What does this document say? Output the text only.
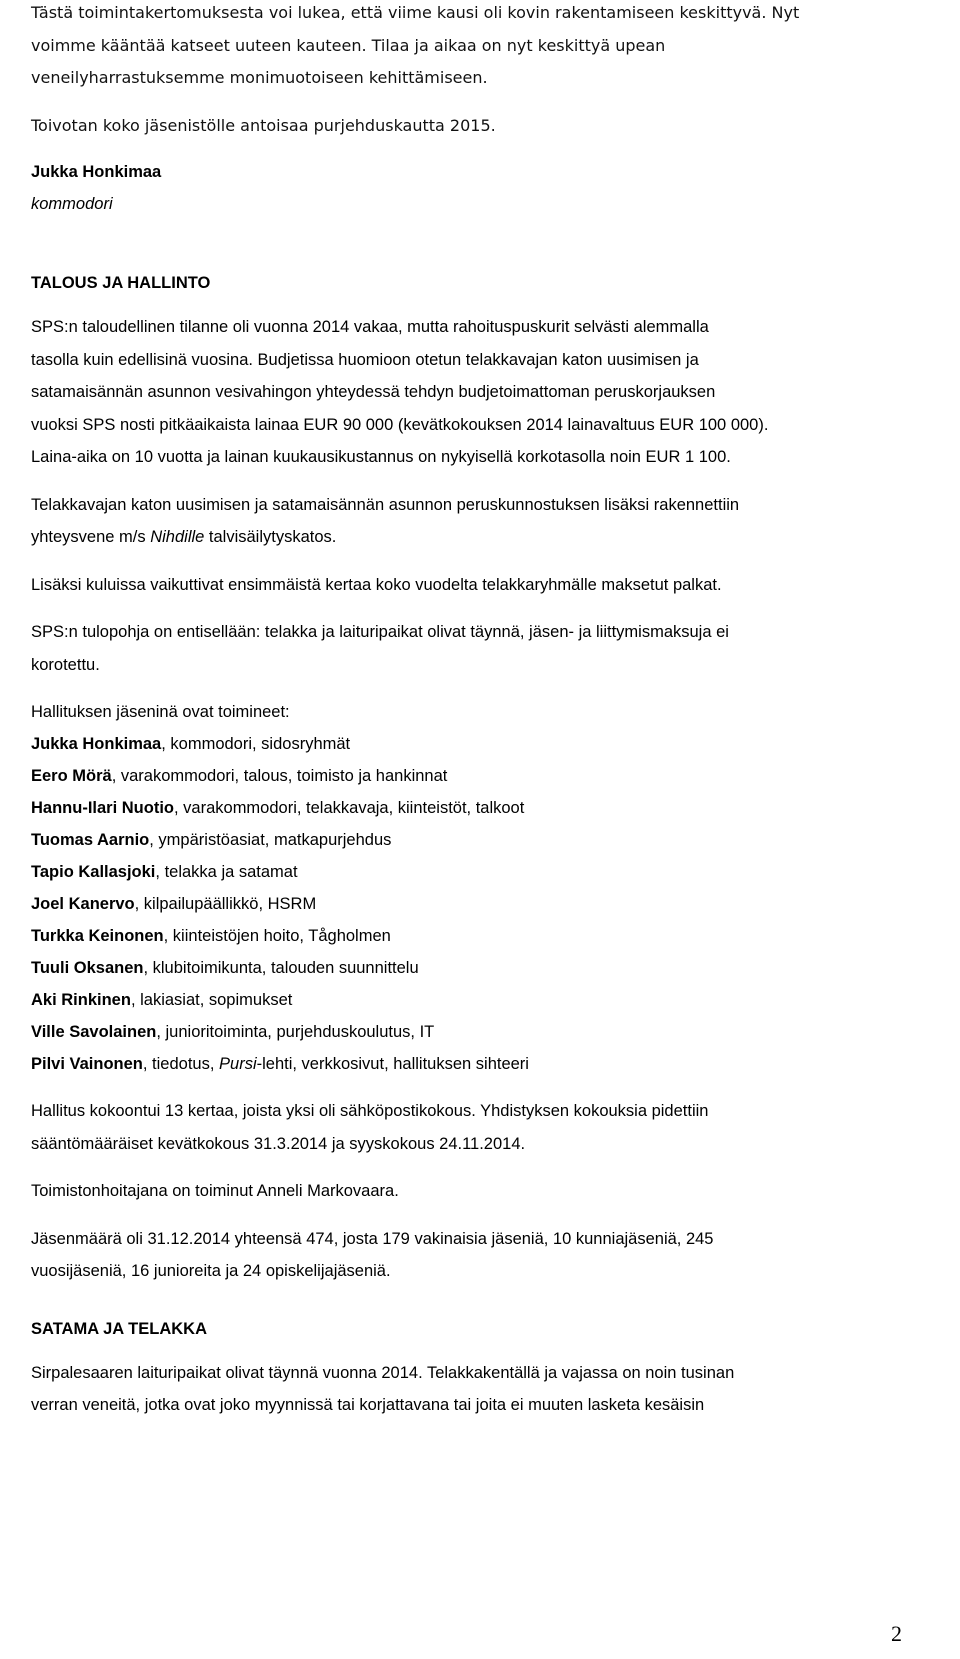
Tästä toimintakertomuksesta voi lukea, että viime kausi oli kovin rakentamiseen keskittyvä. Nyt

voimme kääntää katseet uuteen kauteen. Tilaa ja aikaa on nyt keskittyä upean

veneilyharrastuksemme monimuotoiseen kehittämiseen.

Toivotan koko jäsenistölle antoisaa purjehduskautta 2015.

Jukka Honkimaa
kommodori
TALOUS JA HALLINTO

SPS:n taloudellinen tilanne oli vuonna 2014 vakaa, mutta rahoituspuskurit selvästi alemmalla
tasolla kuin edellisinä vuosina. Budjetissa huomioon otetun telakkavajan katon uusimisen ja
satamaisännän asunnon vesivahingon yhteydessä tehdyn budjetoimattoman peruskorjauksen
vuoksi SPS nosti pitkäaikaista lainaa EUR 90 000 (kevätkokouksen 2014 lainavaltuus EUR 100 000).
Laina-aika on 10 vuotta ja lainan kuukausikustannus on nykyisellä korkotasolla noin EUR 1 100.

Telakkavajan katon uusimisen ja satamaisännän asunnon peruskunnostuksen lisäksi rakennettiin
yhteysvene m/s Nihdille talvisäilytyskatos.

Lisäksi kuluissa vaikuttivat ensimmäistä kertaa koko vuodelta telakkaryhmälle maksetut palkat.

SPS:n tulopohja on entisellään: telakka ja laituripaikat olivat täynnä, jäsen- ja liittymismaksuja ei
korotettu.

Hallituksen jäseninä ovat toimineet:
Jukka Honkimaa, kommodori, sidosryhmät
Eero Mörä, varakommodori, talous, toimisto ja hankinnat
Hannu-Ilari Nuotio, varakommodori, telakkavaja, kiinteistöt, talkoot
Tuomas Aarnio, ympäristöasiat, matkapurjehdus
Tapio Kallasjoki, telakka ja satamat
Joel Kanervo, kilpailupäällikkö, HSRM
Turkka Keinonen, kiinteistöjen hoito, Tågholmen
Tuuli Oksanen, klubitoimikunta, talouden suunnittelu
Aki Rinkinen, lakiasiat, sopimukset
Ville Savolainen, junioritoiminta, purjehduskoulutus, IT
Pilvi Vainonen, tiedotus, Pursi-lehti, verkkosivut, hallituksen sihteeri

Hallitus kokoontui 13 kertaa, joista yksi oli sähköpostikokous. Yhdistyksen kokouksia pidettiin
sääntömääräiset kevätkokous 31.3.2014 ja syyskokous 24.11.2014.

Toimistonhoitajana on toiminut Anneli Markovaara.

Jäsenmäärä oli 31.12.2014 yhteensä 474, josta 179 vakinaisia jäseniä, 10 kunniajäseniä, 245
vuosijäseniä, 16 junioreita ja 24 opiskelijajäseniä.

SATAMA JA TELAKKA

Sirpalesaaren laituripaikat olivat täynnä vuonna 2014. Telakkakentällä ja vajassa on noin tusinan
verran veneitä, jotka ovat joko myynnissä tai korjattavana tai joita ei muuten lasketa kesäisin

2
